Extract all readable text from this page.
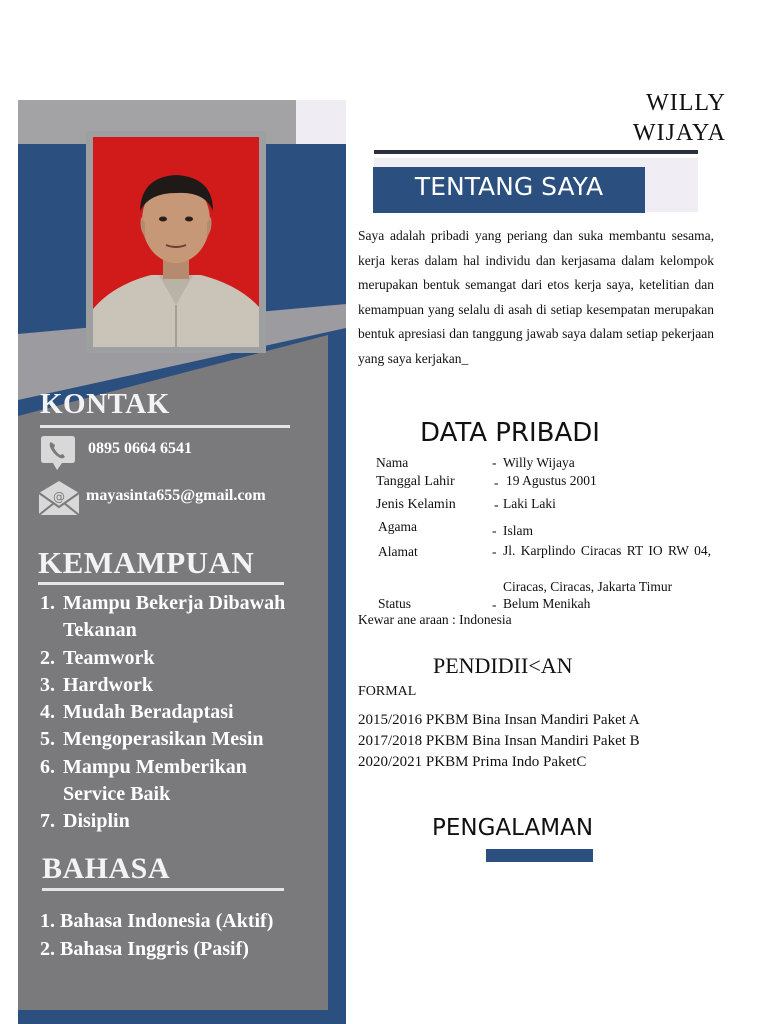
KONTAK
0895 0664 6541
@ mayasinta655@gmail.com
KEMAMPUAN
1. Mampu Bekerja Dibawah
Tekanan
2. Teamwork
3. Hardwork
4. Mudah Beradaptasi
5. Mengoperasikan Mesin
6. Mampu Memberikan
Service Baik
7. Disiplin
BAHASA
1. Bahasa Indonesia (Aktif)
2. Bahasa Inggris (Pasif)
WILLY
WIJAYA
TENTANG SAYA
Saya adalah pribadi yang periang dan suka membantu sesama, kerja keras dalam hal individu dan kerjasama dalam kelompok merupakan bentuk semangat dari etos kerja saya, ketelitian dan kemampuan yang selalu di asah di setiap kesempatan merupakan bentuk apresiasi dan tanggung jawab saya dalam setiap pekerjaan yang saya kerjakan_
DATA PRIBADI
Nama	- Willy Wijaya
Tanggal Lahir	- 19 Agustus 2001
Jenis Kelamin	- Laki Laki
Agama	- Islam
Alamat	- Jl. Karplindo Ciracas RT IO RW 04,
Ciracas, Ciracas, Jakarta Timur
Status	- Belum Menikah
Kewar ane araan : Indonesia
PENDIDII<AN
FORMAL
2015/2016 PKBM Bina Insan Mandiri Paket A
2017/2018 PKBM Bina Insan Mandiri Paket B
2020/2021 PKBM Prima Indo PaketC
PENGALAMAN
